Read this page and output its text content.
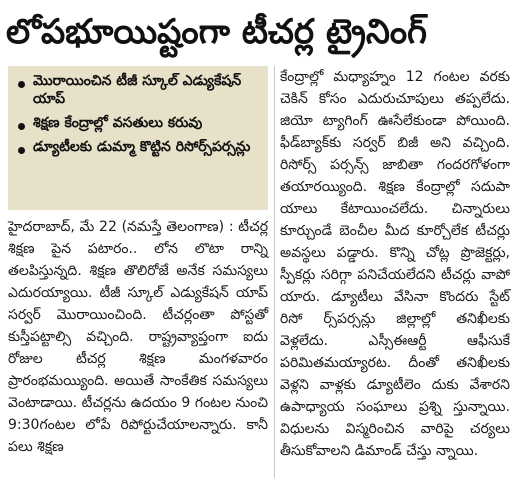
లోపభూయిష్టంగా టీచర్ల ట్రైనింగ్
మొరాయించిన టీజీ స్కూల్ ఎడ్యుకేషన్ యాప్
శిక్షణ కేంద్రాల్లో వసతులు కరువు
డ్యూటీలకు డుమ్మా కొట్టిన రిసోర్స్‌పర్సన్లు

హైదరాబాద్, మే 22 (నమస్తే తెలంగాణ) : టీచర్ల శిక్షణ పైన పటారం.. లోన లొటా రాన్ని తలపిస్తున్నది. శిక్షణ తొలిరోజే అనేక సమస్యలు ఎదురయ్యాయి. టీజీ స్కూల్ ఎడ్యుకేషన్ యాప్ సర్వర్ మొరాయించింది. టీచర్లంతా పోస్టతో కుస్తీపట్టాల్సి వచ్చింది. రాష్ట్రవ్యాప్తంగా ఐదు రోజుల టీచర్ల శిక్షణ మంగళవారం ప్రారంభమయ్యింది. అయితే సాంకేతిక సమస్యలు వెంటాడాయి. టీచర్లను ఉదయం 9 గంటల నుంచి 9:30గంటల లోపే రిపోర్టుచేయాలన్నారు. కానీ పలు శిక్షణ

కేంద్రాల్లో మధ్యాహ్నం 12 గంటల వరకు చెకిన్ కోసం ఎదురుచూపులు తప్పలేదు. జియో ట్యాగింగ్ ఊసేలేకుండా పోయింది. ఫీడ్‌బ్యాక్‌కు సర్వర్ బిజీ అని వచ్చింది. రిసోర్స్ పర్సన్స్ జాబితా గందరగోళంగా తయారయ్యింది. శిక్షణ కేంద్రాల్లో సదుపా యాలు కేటాయించలేదు. చిన్నారులు కూర్చుండే బెంచీల మీద కూర్చోలేక టీచర్లు అవస్థలు పడ్డారు. కొన్ని చోట్ల ప్రొజెక్టర్లు, స్పీకర్లు సరిగ్గా పనిచేయలేదని టీచర్లు వాపో యారు. డ్యూటీలు వేసినా కొందరు స్టేట్ రిసో ర్స్‌పర్సన్లు జిల్లాల్లో తనిఖీలకు వెళ్లలేదు. ఎస్సీఈఆర్టీ ఆఫీసుకే పరిమితమయ్యారట. దీంతో తనిఖీలకు వెళ్లని వాళ్లకు డ్యూటీలెం దుకు వేశారని ఉపాధ్యాయ సంఘాలు ప్రశ్ని స్తున్నాయి. విధులను విస్మరించిన వారిపై చర్యలు తీసుకోవాలని డిమాండ్ చేస్తు న్నాయి.
